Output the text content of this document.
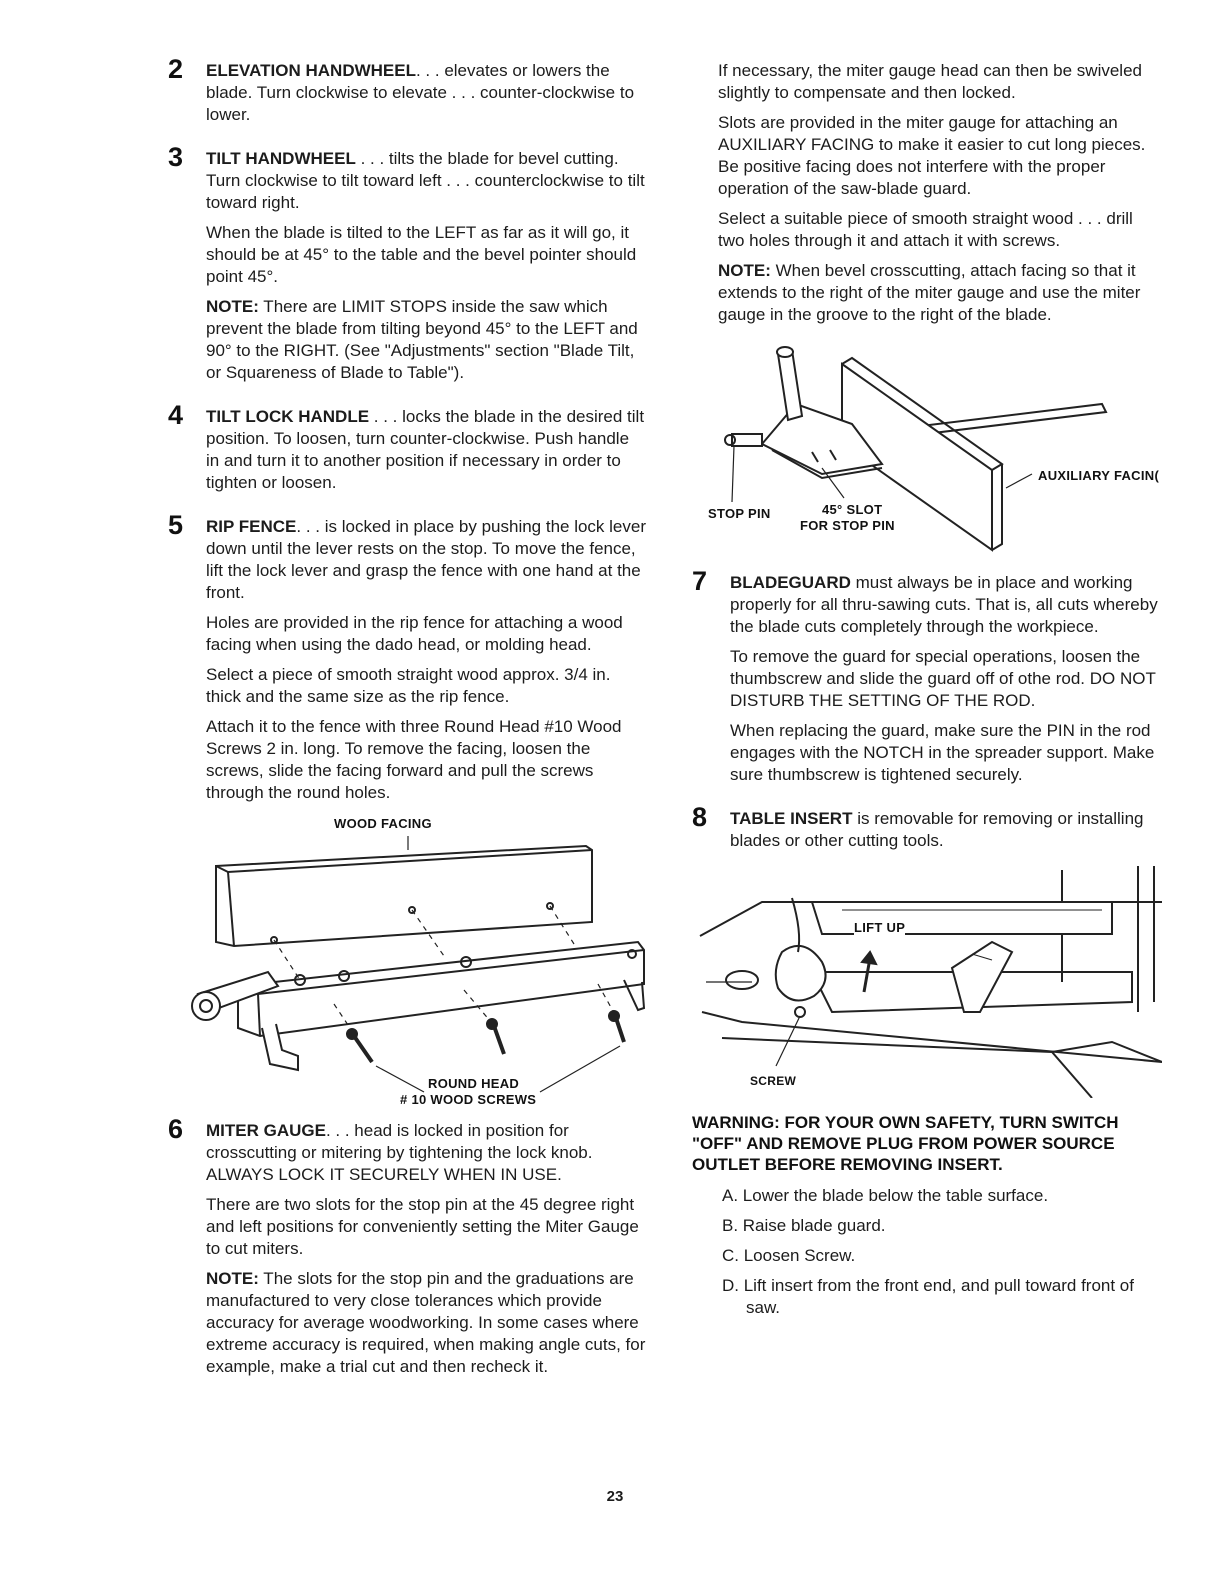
2 ELEVATION HANDWHEEL. . . elevates or lowers the blade. Turn clockwise to elevate . . . counter-clockwise to lower.

3 TILT HANDWHEEL . . . tilts the blade for bevel cutting. Turn clockwise to tilt toward left . . . counterclockwise to tilt toward right.

When the blade is tilted to the LEFT as far as it will go, it should be at 45° to the table and the bevel pointer should point 45°.

NOTE: There are LIMIT STOPS inside the saw which prevent the blade from tilting beyond 45° to the LEFT and 90° to the RIGHT. (See "Adjustments" section "Blade Tilt, or Squareness of Blade to Table").

4 TILT LOCK HANDLE . . . locks the blade in the desired tilt position. To loosen, turn counter-clockwise. Push handle in and turn it to another position if necessary in order to tighten or loosen.

5 RIP FENCE. . . is locked in place by pushing the lock lever down until the lever rests on the stop. To move the fence, lift the lock lever and grasp the fence with one hand at the front.

Holes are provided in the rip fence for attaching a wood facing when using the dado head, or molding head.

Select a piece of smooth straight wood approx. 3/4 in. thick and the same size as the rip fence.

Attach it to the fence with three Round Head #10 Wood Screws 2 in. long. To remove the facing, loosen the screws, slide the facing forward and pull the screws through the round holes.

WOOD FACING
ROUND HEAD
# 10 WOOD SCREWS
6 MITER GAUGE. . . head is locked in position for crosscutting or mitering by tightening the lock knob. ALWAYS LOCK IT SECURELY WHEN IN USE.

There are two slots for the stop pin at the 45 degree right and left positions for conveniently setting the Miter Gauge to cut miters.

NOTE: The slots for the stop pin and the graduations are manufactured to very close tolerances which provide accuracy for average woodworking. In some cases where extreme accuracy is required, when making angle cuts, for example, make a trial cut and then recheck it.

If necessary, the miter gauge head can then be swiveled slightly to compensate and then locked.

Slots are provided in the miter gauge for attaching an AUXILIARY FACING to make it easier to cut long pieces. Be positive facing does not interfere with the proper operation of the saw-blade guard.

Select a suitable piece of smooth straight wood . . . drill two holes through it and attach it with screws.

NOTE: When bevel crosscutting, attach facing so that it extends to the right of the miter gauge and use the miter gauge in the groove to the right of the blade.

AUXILIARY FACIN(
STOP PIN	45° SLOT
FOR STOP PIN
7 BLADEGUARD must always be in place and working properly for all thru-sawing cuts. That is, all cuts whereby the blade cuts completely through the workpiece.

To remove the guard for special operations, loosen the thumbscrew and slide the guard off of othe rod. DO NOT DISTURB THE SETTING OF THE ROD.

When replacing the guard, make sure the PIN in the rod engages with the NOTCH in the spreader support. Make sure thumbscrew is tightened securely.

8 TABLE INSERT is removable for removing or installing blades or other cutting tools.

LIFT UP
SCREW
WARNING: FOR YOUR OWN SAFETY, TURN SWITCH "OFF" AND REMOVE PLUG FROM POWER SOURCE OUTLET BEFORE REMOVING INSERT.

A. Lower the blade below the table surface.

B. Raise blade guard.

C. Loosen Screw.

D. Lift insert from the front end, and pull toward front of saw.

23
